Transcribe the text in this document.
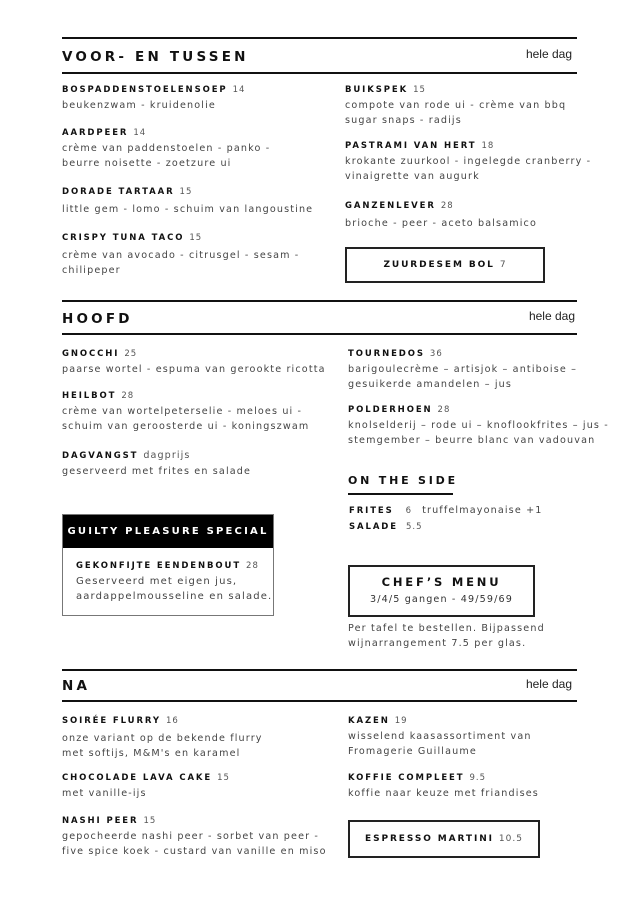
VOOR- EN TUSSEN	hele dag
BOSPADDENSTOELENSOEP 14
beukenzwam - kruidenolie
AARDPEER 14
crème van paddenstoelen - panko -
beurre noisette - zoetzure ui
DORADE TARTAAR 15
little gem - lomo - schuim van langoustine
CRISPY TUNA TACO 15
crème van avocado - citrusgel - sesam -
chilipeper
BUIKSPEK 15
compote van rode ui - crème van bbq
sugar snaps - radijs
PASTRAMI VAN HERT 18
krokante zuurkool - ingelegde cranberry -
vinaigrette van augurk
GANZENLEVER 28
brioche - peer - aceto balsamico
ZUURDESEM BOL 7
HOOFD	hele dag
GNOCCHI 25
paarse wortel - espuma van gerookte ricotta
HEILBOT 28
crème van wortelpeterselie - meloes ui -
schuim van geroosterde ui - koningszwam
DAGVANGST dagprijs
geserveerd met frites en salade
GUILTY PLEASURE SPECIAL
GEKONFIJTE EENDENBOUT 28
Geserveerd met eigen jus,
aardappelmousseline en salade.
TOURNEDOS 36
barigoulecrème – artisjok – antiboise –
gesuikerde amandelen – jus
POLDERHOEN 28
knolselderij – rode ui – knoflookfrites – jus -
stemgember – beurre blanc van vadouvan
ON THE SIDE
FRITES 6 truffelmayonaise +1
SALADE 5.5
CHEF’S MENU
3/4/5 gangen - 49/59/69
Per tafel te bestellen. Bijpassend
wijnarrangement 7.5 per glas.
NA	hele dag
SOIRÉE FLURRY 16
onze variant op de bekende flurry
met softijs, M&M's en karamel
CHOCOLADE LAVA CAKE 15
met vanille-ijs
NASHI PEER 15
gepocheerde nashi peer - sorbet van peer -
five spice koek - custard van vanille en miso
KAZEN 19
wisselend kaasassortiment van
Fromagerie Guillaume
KOFFIE COMPLEET 9.5
koffie naar keuze met friandises
ESPRESSO MARTINI 10.5
